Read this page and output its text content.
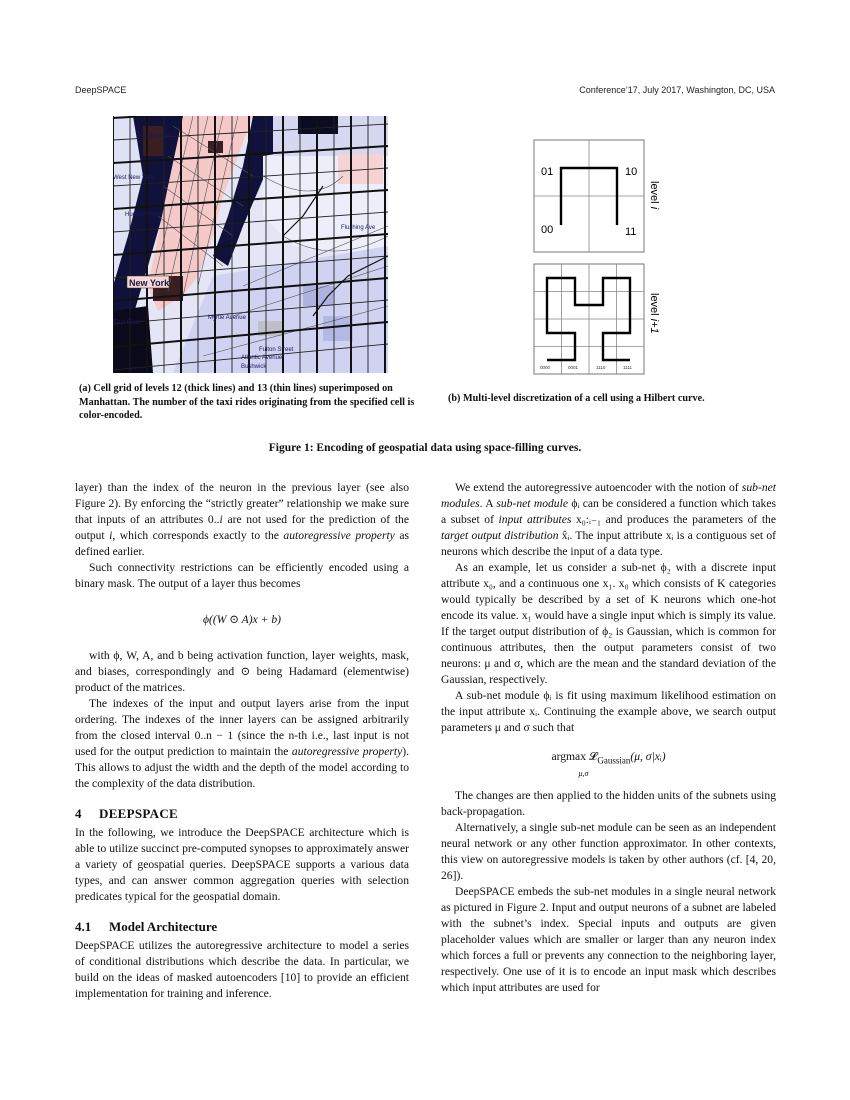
DeepSPACE	Conference’17, July 2017, Washington, DC, USA
Guttenberg
West New York
Hudson River
East River
Flushing Ave
Myrtle Avenue
Fulton Street
Atlantic Avenue
Bushwick
New York
01	10
00	11
level i
0000	0001	1110	1111
level i+1
(a) Cell grid of levels 12 (thick lines) and 13 (thin lines) superimposed on Manhattan. The number of the taxi rides originating from the specified cell is color-encoded.
(b) Multi-level discretization of a cell using a Hilbert curve.
Figure 1: Encoding of geospatial data using space-filling curves.

layer) than the index of the neuron in the previous layer (see also Figure 2). By enforcing the “strictly greater” relationship we make sure that inputs of an attributes 0..i are not used for the prediction of the output i, which corresponds exactly to the autoregressive property as defined earlier.

Such connectivity restrictions can be efficiently encoded using a binary mask. The output of a layer thus becomes

ϕ((W ⊙ A)x + b)

with ϕ, W, A, and b being activation function, layer weights, mask, and biases, correspondingly and ⊙ being Hadamard (elementwise) product of the matrices.

The indexes of the input and output layers arise from the input ordering. The indexes of the inner layers can be assigned arbitrarily from the closed interval 0..n − 1 (since the n-th i.e., last input is not used for the output prediction to maintain the autoregressive property). This allows to adjust the width and the depth of the model according to the complexity of the data distribution.

4 DEEPSPACE

In the following, we introduce the DeepSPACE architecture which is able to utilize succinct pre-computed synopses to approximately answer a variety of geospatial queries. DeepSPACE supports a various data types, and can answer common aggregation queries with selection predicates typical for the geospatial domain.

4.1 Model Architecture

DeepSPACE utilizes the autoregressive architecture to model a series of conditional distributions which describe the data. In particular, we build on the ideas of masked autoencoders [10] to provide an efficient implementation for training and inference.

We extend the autoregressive autoencoder with the notion of sub-net modules. A sub-net module ϕᵢ can be considered a function which takes a subset of input attributes x₀:ᵢ₋₁ and produces the parameters of the target output distribution x̂ᵢ. The input attribute xᵢ is a contiguous set of neurons which describe the input of a data type.

As an example, let us consider a sub-net ϕ₂ with a discrete input attribute x₀, and a continuous one x₁. x₀ which consists of K categories would typically be described by a set of K neurons which one-hot encode its value. x₁ would have a single input which is simply its value. If the target output distribution of ϕ₂ is Gaussian, which is common for continuous attributes, then the output parameters consist of two neurons: μ and σ, which are the mean and the standard deviation of the Gaussian, respectively.

A sub-net module ϕᵢ is fit using maximum likelihood estimation on the input attribute xᵢ. Continuing the example above, we search output parameters μ and σ such that

argmax 𝓛$_{Gaussian}$(μ, σ|xᵢ)
μ,σ

The changes are then applied to the hidden units of the subnets using back-propagation.

Alternatively, a single sub-net module can be seen as an independent neural network or any other function approximator. In other contexts, this view on autoregressive models is taken by other authors (cf. [4, 20, 26]).

DeepSPACE embeds the sub-net modules in a single neural network as pictured in Figure 2. Input and output neurons of a subnet are labeled with the subnet’s index. Special inputs and outputs are given placeholder values which are smaller or larger than any neuron index which forces a full or prevents any connection to the neighboring layer, respectively. One use of it is to encode an input mask which describes which input attributes are used for
